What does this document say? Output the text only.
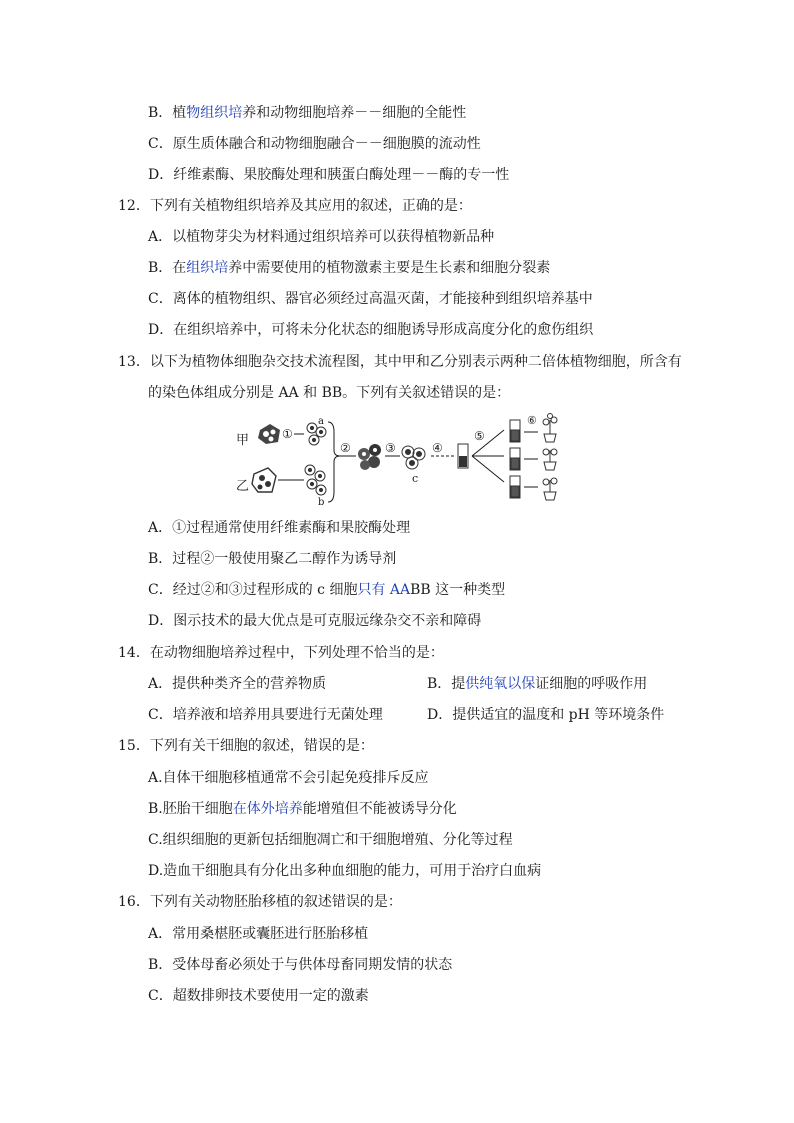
B．植物组织培养和动物细胞培养－－细胞的全能性
C．原生质体融合和动物细胞融合－－细胞膜的流动性
D．纤维素酶、果胶酶处理和胰蛋白酶处理－－酶的专一性
12．下列有关植物组织培养及其应用的叙述，正确的是：
A．以植物芽尖为材料通过组织培养可以获得植物新品种
B．在组织培养中需要使用的植物激素主要是生长素和细胞分裂素
C．离体的植物组织、器官必须经过高温灭菌，才能接种到组织培养基中
D．在组织培养中，可将未分化状态的细胞诱导形成高度分化的愈伤组织
13．以下为植物体细胞杂交技术流程图，其中甲和乙分别表示两种二倍体植物细胞，所含有
的染色体组成分别是 AA 和 BB。下列有关叙述错误的是：
甲	①
a
乙
b
②	③
c
④
⑤
⑥
A．①过程通常使用纤维素酶和果胶酶处理
B．过程②一般使用聚乙二醇作为诱导剂
C．经过②和③过程形成的 c 细胞只有 AABB 这一种类型
D．图示技术的最大优点是可克服远缘杂交不亲和障碍
14．在动物细胞培养过程中，下列处理不恰当的是：
A．提供种类齐全的营养物质	B．提供纯氧以保证细胞的呼吸作用
C．培养液和培养用具要进行无菌处理	D．提供适宜的温度和 pH 等环境条件
15．下列有关干细胞的叙述，错误的是：
A.自体干细胞移植通常不会引起免疫排斥反应
B.胚胎干细胞在体外培养能增殖但不能被诱导分化
C.组织细胞的更新包括细胞凋亡和干细胞增殖、分化等过程
D.造血干细胞具有分化出多种血细胞的能力，可用于治疗白血病
16．下列有关动物胚胎移植的叙述错误的是：
A．常用桑椹胚或囊胚进行胚胎移植
B．受体母畜必须处于与供体母畜同期发情的状态
C．超数排卵技术要使用一定的激素
